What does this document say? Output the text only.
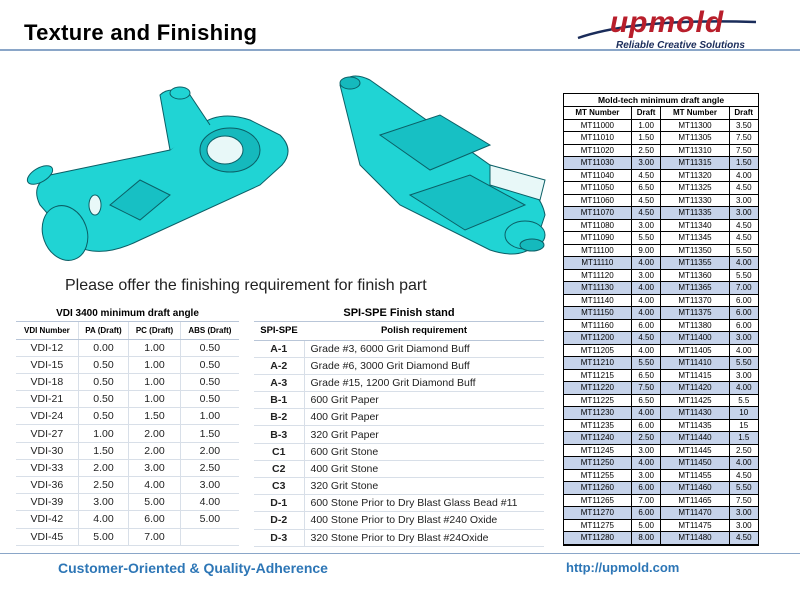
Texture and Finishing	upmold
Reliable Creative Solutions
Please offer the finishing requirement for finish part
VDI 3400 minimum draft angle
VDI Number	PA (Draft)	PC (Draft)	ABS (Draft)
VDI-12	0.00	1.00	0.50
VDI-15	0.50	1.00	0.50
VDI-18	0.50	1.00	0.50
VDI-21	0.50	1.00	0.50
VDI-24	0.50	1.50	1.00
VDI-27	1.00	2.00	1.50
VDI-30	1.50	2.00	2.00
VDI-33	2.00	3.00	2.50
VDI-36	2.50	4.00	3.00
VDI-39	3.00	5.00	4.00
VDI-42	4.00	6.00	5.00
VDI-45	5.00	7.00	
SPI-SPE Finish stand
SPI-SPE	Polish requirement
A-1	Grade #3, 6000 Grit Diamond Buff
A-2	Grade #6, 3000 Grit Diamond Buff
A-3	Grade #15, 1200 Grit Diamond Buff
B-1	600 Grit Paper
B-2	400 Grit Paper
B-3	320 Grit Paper
C1	600 Grit Stone
C2	400 Grit Stone
C3	320 Grit Stone
D-1	600 Stone Prior to Dry Blast Glass Bead #11
D-2	400 Stone Prior to Dry Blast #240 Oxide
D-3	320 Stone Prior to Dry Blast #24Oxide
Mold-tech minimum draft angle
MT Number	Draft	MT Number	Draft
MT11000	1.00	MT11300	3.50
MT11010	1.50	MT11305	7.50
MT11020	2.50	MT11310	7.50
MT11030	3.00	MT11315	1.50
MT11040	4.50	MT11320	4.00
MT11050	6.50	MT11325	4.50
MT11060	4.50	MT11330	3.00
MT11070	4.50	MT11335	3.00
MT11080	3.00	MT11340	4.50
MT11090	5.50	MT11345	4.50
MT11100	9.00	MT11350	5.50
MT11110	4.00	MT11355	4.00
MT11120	3.00	MT11360	5.50
MT11130	4.00	MT11365	7.00
MT11140	4.00	MT11370	6.00
MT11150	4.00	MT11375	6.00
MT11160	6.00	MT11380	6.00
MT11200	4.50	MT11400	3.00
MT11205	4.00	MT11405	4.00
MT11210	5.50	MT11410	5.50
MT11215	6.50	MT11415	3.00
MT11220	7.50	MT11420	4.00
MT11225	6.50	MT11425	5.5
MT11230	4.00	MT11430	10
MT11235	6.00	MT11435	15
MT11240	2.50	MT11440	1.5
MT11245	3.00	MT11445	2.50
MT11250	4.00	MT11450	4.00
MT11255	3.00	MT11455	4.50
MT11260	6.00	MT11460	5.50
MT11265	7.00	MT11465	7.50
MT11270	6.00	MT11470	3.00
MT11275	5.00	MT11475	3.00
MT11280	8.00	MT11480	4.50
Customer-Oriented & Quality-Adherence	http://upmold.com
